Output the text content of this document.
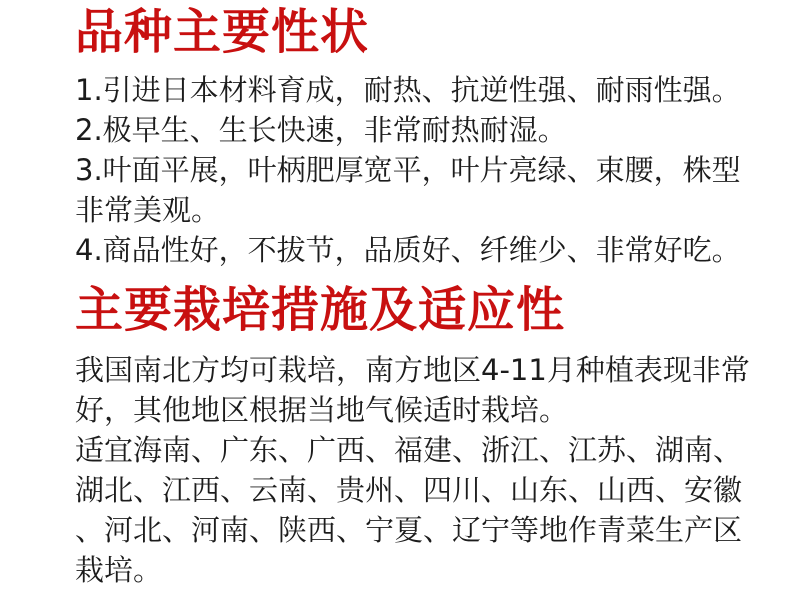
品种主要性状

1.引进日本材料育成，耐热、抗逆性强、耐雨性强。

2.极早生、生长快速，非常耐热耐湿。

3.叶面平展，叶柄肥厚宽平，叶片亮绿、束腰，株型非常美观。

4.商品性好，不拔节，品质好、纤维少、非常好吃。

主要栽培措施及适应性

我国南北方均可栽培，南方地区4-11月种植表现非常好，其他地区根据当地气候适时栽培。

适宜海南、广东、广西、福建、浙江、江苏、湖南、湖北、江西、云南、贵州、四川、山东、山西、安徽、河北、河南、陕西、宁夏、辽宁等地作青菜生产区栽培。
